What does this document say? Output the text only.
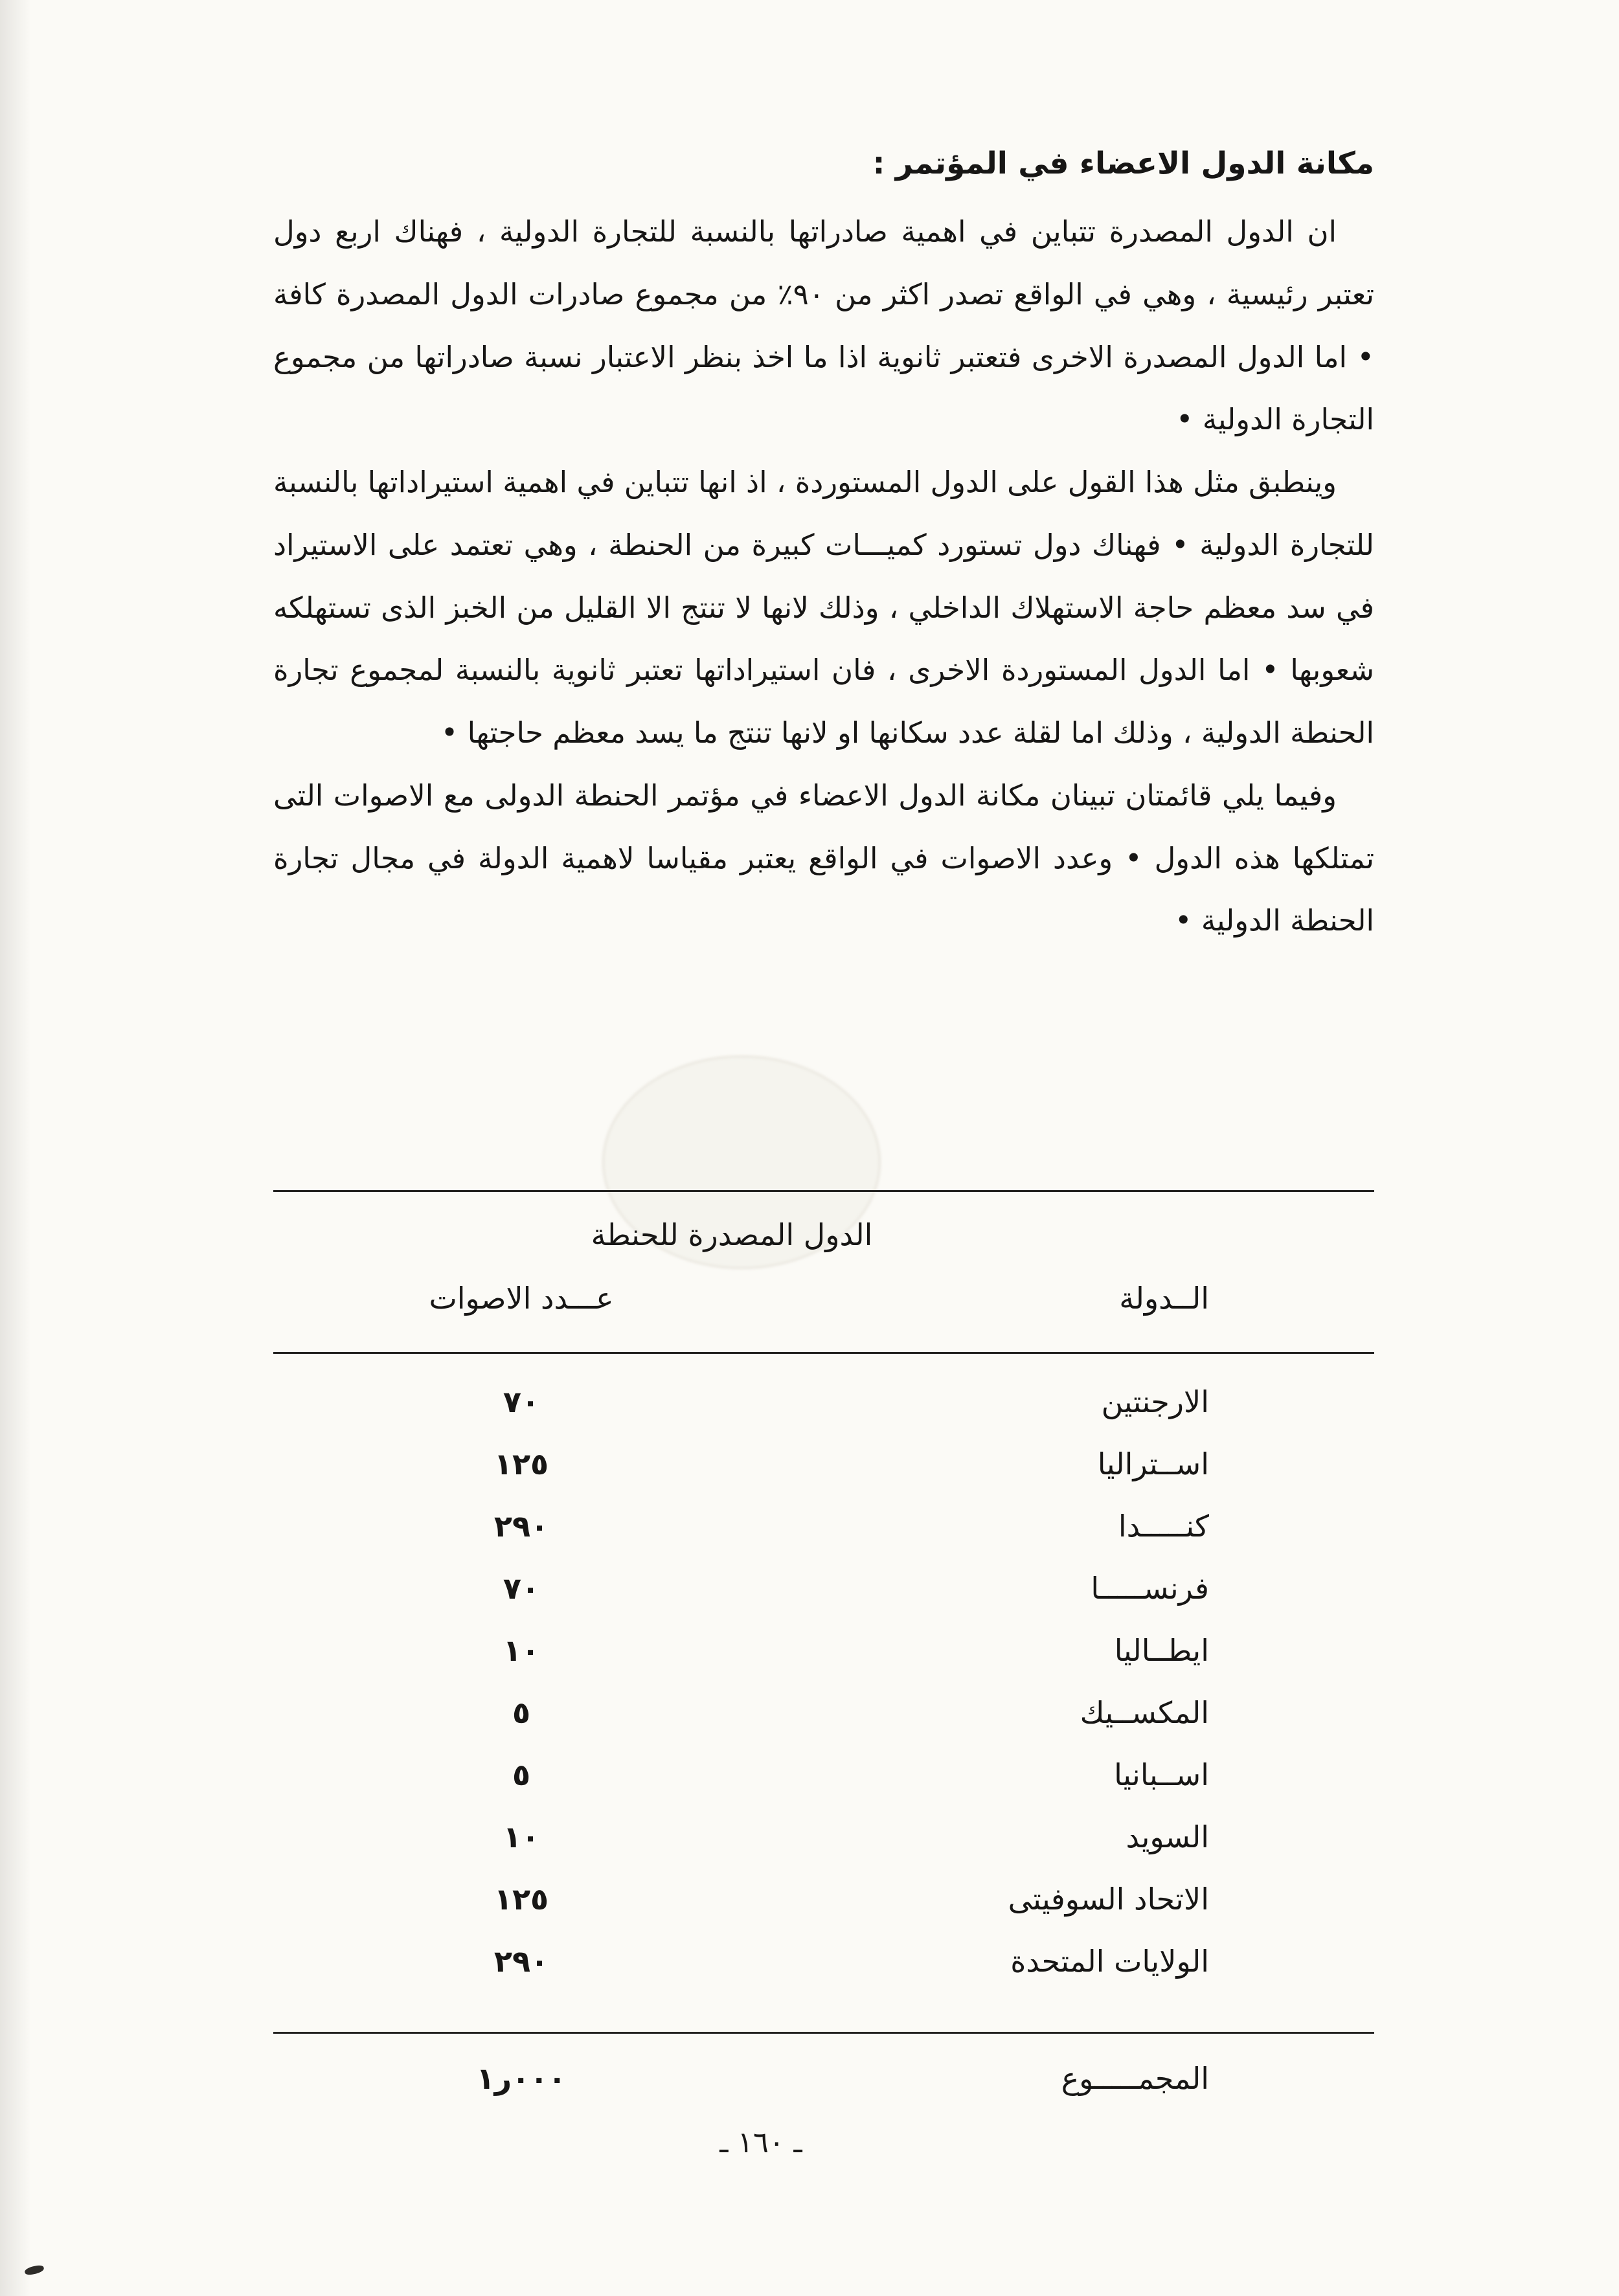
مكانة الدول الاعضاء في المؤتمر :

ان الدول المصدرة تتباين في اهمية صادراتها بالنسبة للتجارة الدولية ، فهناك اربع دول تعتبر رئيسية ، وهي في الواقع تصدر اكثر من ٩٠٪ من مجموع صادرات الدول المصدرة كافة • اما الدول المصدرة الاخرى فتعتبر ثانوية اذا ما اخذ بنظر الاعتبار نسبة صادراتها من مجموع التجارة الدولية •

وينطبق مثل هذا القول على الدول المستوردة ، اذ انها تتباين في اهمية استيراداتها بالنسبة للتجارة الدولية • فهناك دول تستورد كميـــات كبيرة من الحنطة ، وهي تعتمد على الاستيراد في سد معظم حاجة الاستهلاك الداخلي ، وذلك لانها لا تنتج الا القليل من الخبز الذى تستهلكه شعوبها • اما الدول المستوردة الاخرى ، فان استيراداتها تعتبر ثانوية بالنسبة لمجموع تجارة الحنطة الدولية ، وذلك اما لقلة عدد سكانها او لانها تنتج ما يسد معظم حاجتها •

وفيما يلي قائمتان تبينان مكانة الدول الاعضاء في مؤتمر الحنطة الدولى مع الاصوات التى تمتلكها هذه الدول • وعدد الاصوات في الواقع يعتبر مقياسا لاهمية الدولة في مجال تجارة الحنطة الدولية •

الدول المصدرة للحنطة
الــدولة
عـــدد الاصوات
الارجنتين
٧٠
اســتراليا
١٢٥
كنـــــدا
٢٩٠
فرنســـــا
٧٠
ايطــاليا
١٠
المكســيك
٥
اســبانيا
٥
السويد
١٠
الاتحاد السوفيتى
١٢٥
الولايات المتحدة
٢٩٠
المجمـــــوع
١ر٠٠٠
ـ ١٦٠ ـ
